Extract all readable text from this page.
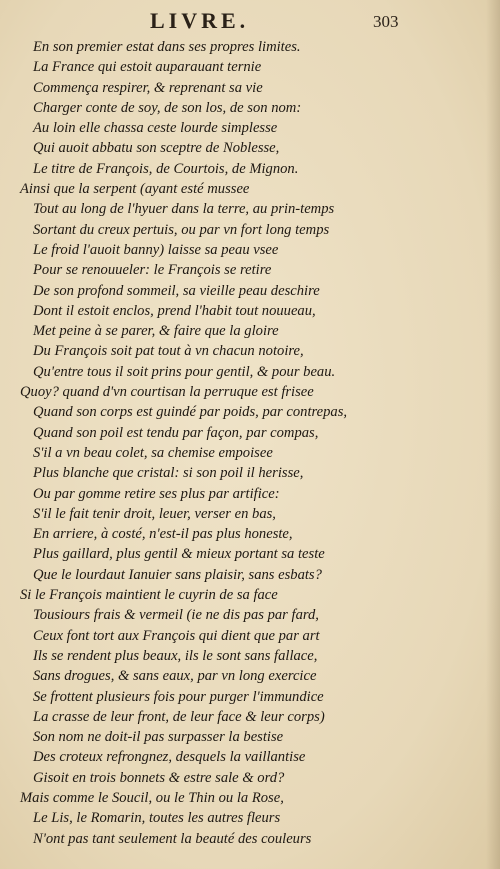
LIVRE.	303
En son premier estat dans ses propres limites.
La France qui estoit auparauant ternie
Commença respirer, & reprenant sa vie
Charger conte de soy, de son los, de son nom:
Au loin elle chassa ceste lourde simplesse
Qui auoit abbatu son sceptre de Noblesse,
Le titre de François, de Courtois, de Mignon.
Ainsi que la serpent (ayant esté mussee
Tout au long de l'hyuer dans la terre, au prin-temps
Sortant du creux pertuis, ou par vn fort long temps
Le froid l'auoit banny) laisse sa peau vsee
Pour se renouueler: le François se retire
De son profond sommeil, sa vieille peau deschire
Dont il estoit enclos, prend l'habit tout nouueau,
Met peine à se parer, & faire que la gloire
Du François soit pat tout à vn chacun notoire,
Qu'entre tous il soit prins pour gentil, & pour beau.
Quoy? quand d'vn courtisan la perruque est frisee
Quand son corps est guindé par poids, par contrepas,
Quand son poil est tendu par façon, par compas,
S'il a vn beau colet, sa chemise empoisee
Plus blanche que cristal: si son poil il herisse,
Ou par gomme retire ses plus par artifice:
S'il le fait tenir droit, leuer, verser en bas,
En arriere, à costé, n'est-il pas plus honeste,
Plus gaillard, plus gentil & mieux portant sa teste
Que le lourdaut Ianuier sans plaisir, sans esbats?
Si le François maintient le cuyrin de sa face
Tousiours frais & vermeil (ie ne dis pas par fard,
Ceux font tort aux François qui dient que par art
Ils se rendent plus beaux, ils le sont sans fallace,
Sans drogues, & sans eaux, par vn long exercice
Se frottent plusieurs fois pour purger l'immundice
La crasse de leur front, de leur face & leur corps)
Son nom ne doit-il pas surpasser la bestise
Des croteux refrongnez, desquels la vaillantise
Gisoit en trois bonnets & estre sale & ord?
Mais comme le Soucil, ou le Thin ou la Rose,
Le Lis, le Romarin, toutes les autres fleurs
N'ont pas tant seulement la beauté des couleurs
